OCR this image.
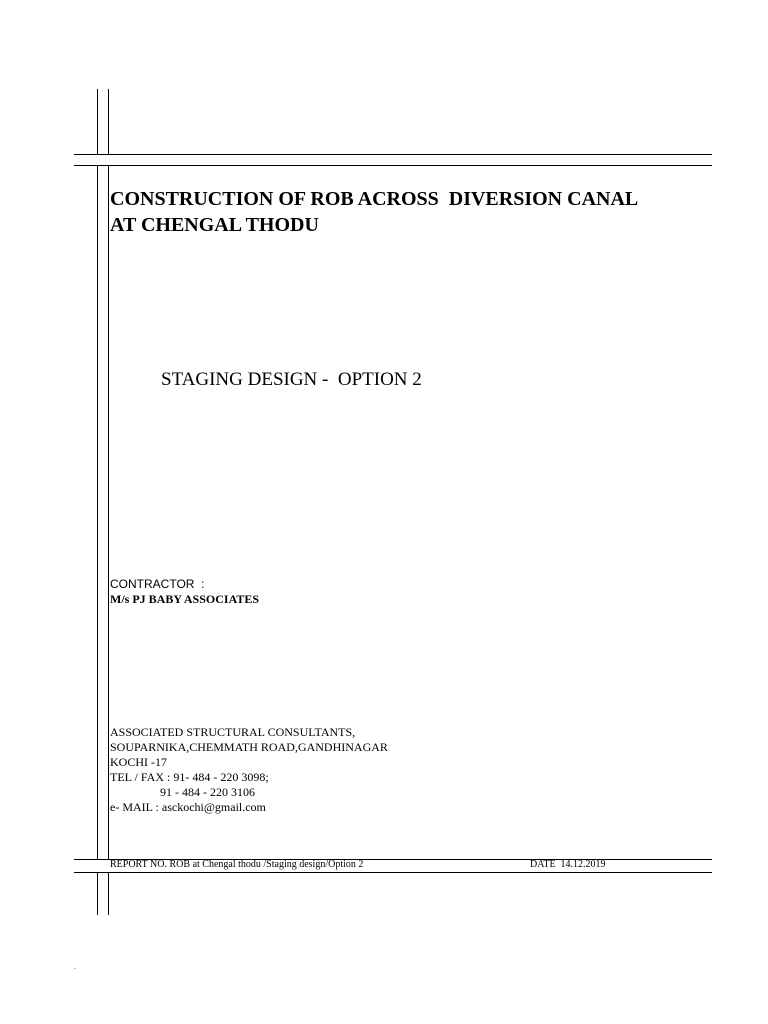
CONSTRUCTION OF ROB ACROSS  DIVERSION CANAL
AT CHENGAL THODU
STAGING DESIGN -  OPTION 2
CONTRACTOR  :
M/s PJ BABY ASSOCIATES
ASSOCIATED STRUCTURAL CONSULTANTS,
SOUPARNIKA,CHEMMATH ROAD,GANDHINAGAR
KOCHI -17
TEL / FAX : 91- 484 - 220 3098;
91 - 484 - 220 3106
e- MAIL : asckochi@gmail.com
REPORT NO. ROB at Chengal thodu /Staging design/Option 2	DATE  14.12.2019
.
